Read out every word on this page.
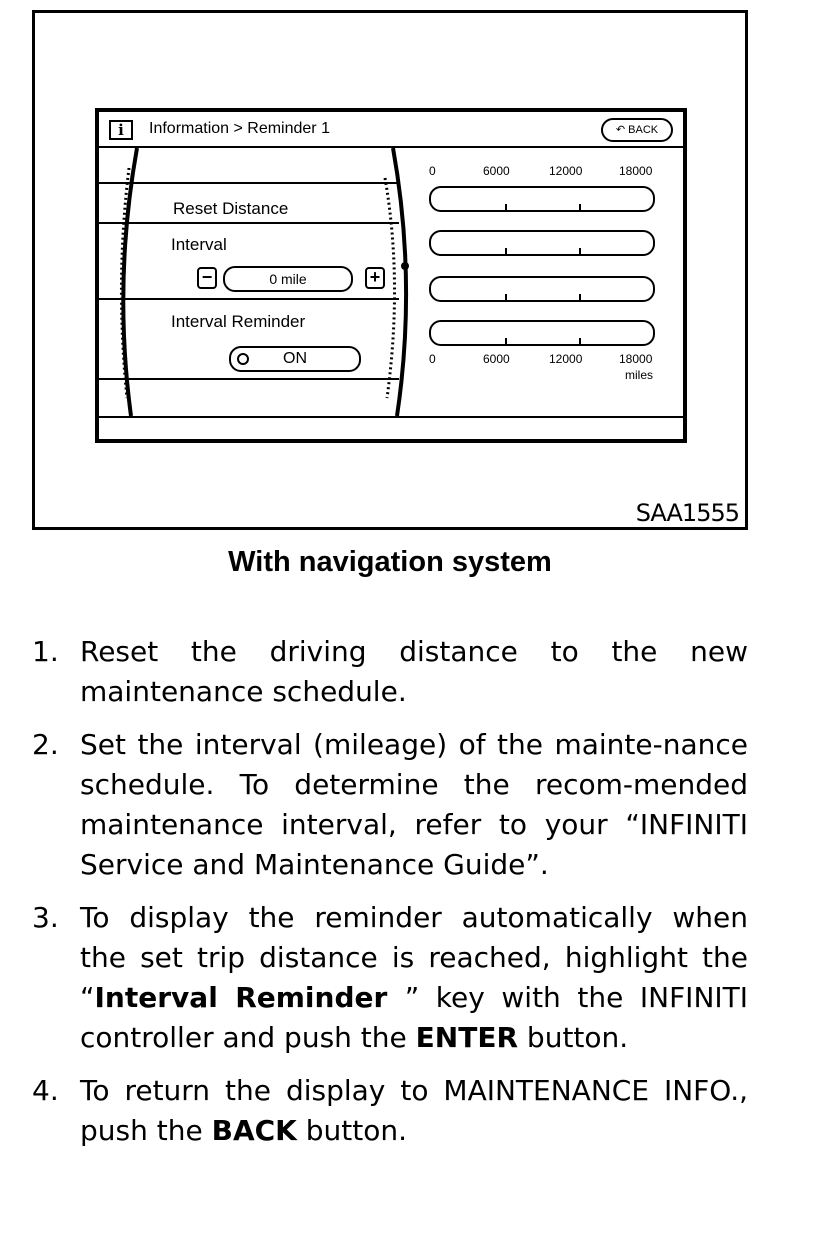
i	Information > Reminder 1	↶ BACK
Reset Distance
Interval
−	0 mile	+
Interval Reminder
ON
0	6000	12000	18000
0	6000	12000	18000
miles
SAA1555
With navigation system
1. Reset the driving distance to the new maintenance schedule.
2. Set the interval (mileage) of the mainte-nance schedule. To determine the recom-mended maintenance interval, refer to your “INFINITI Service and Maintenance Guide”.
3. To display the reminder automatically when the set trip distance is reached, highlight the “Interval Reminder ” key with the INFINITI controller and push the ENTER button.
4. To return the display to MAINTENANCE INFO., push the BACK button.
